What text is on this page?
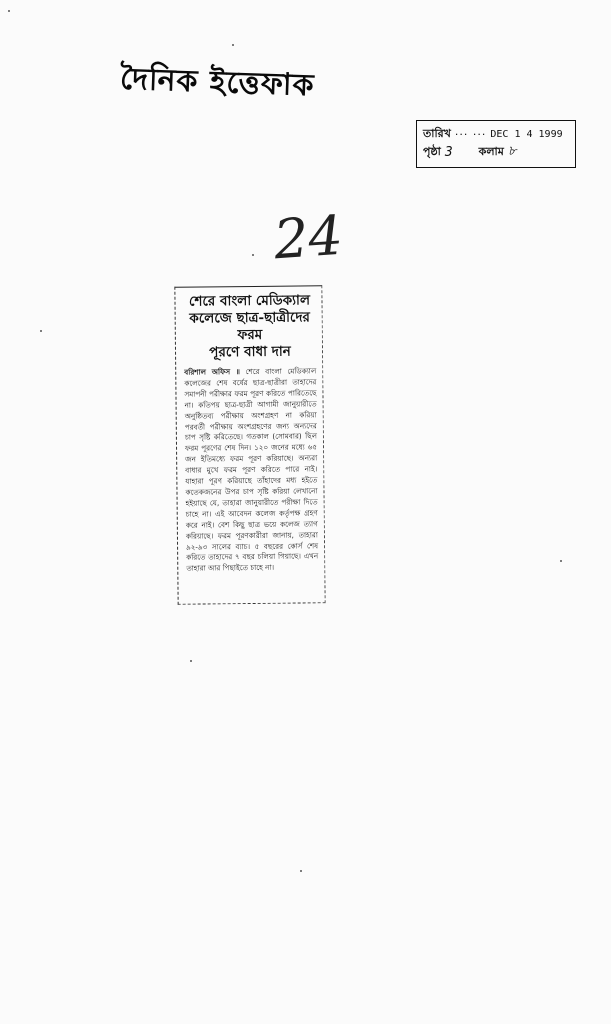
দৈনিক ইত্তেফাক
তারিখ ··· ··· DEC 1 4 1999
পৃষ্ঠা 3 কলাম ৮
24
শেরে বাংলা মেডিক্যাল
কলেজে ছাত্র-ছাত্রীদের ফরম
পূরণে বাধা দান
বরিশাল অফিস ॥ শেরে বাংলা মেডিক্যাল কলেজের শেষ বর্ষের ছাত্র-ছাত্রীরা তাহাদের সমাপনী পরীক্ষার ফরম পূরণ করিতে পারিতেছে না। কতিপয় ছাত্র-ছাত্রী আগামী জানুয়ারীতে অনুষ্ঠিতব্য পরীক্ষায় অংশগ্রহণ না করিয়া পরবর্তী পরীক্ষায় অংশগ্রহণের জন্য অন্যদের চাপ সৃষ্টি করিতেছে। গতকাল (সোমবার) ছিল ফরম পূরণের শেষ দিন। ১২০ জনের মধ্যে ৬৫ জন ইতিমধ্যে ফরম পূরণ করিয়াছে। অন্যরা বাধার মুখে ফরম পূরণ করিতে পারে নাই। যাহারা পূরণ করিয়াছে তাঁহাদের মধ্য হইতে কতেকজনের উপর চাপ সৃষ্টি করিয়া লেখানো হইয়াছে যে, তাহারা জানুয়ারীতে পরীক্ষা দিতে চাহে না। এই আবেদন কলেজ কর্তৃপক্ষ গ্রহণ করে নাই। বেশ কিছু ছাত্র ভয়ে কলেজ ত্যাগ করিয়াছে। ফরম পূরণকারীরা জানায়, তাহারা ৯২-৯৩ সালের ব্যাচ। ৫ বছরের কোর্স শেষ করিতে তাহাদের ৭ বছর চলিয়া গিয়াছে। এখন তাহারা আর পিছাইতে চাহে না।
